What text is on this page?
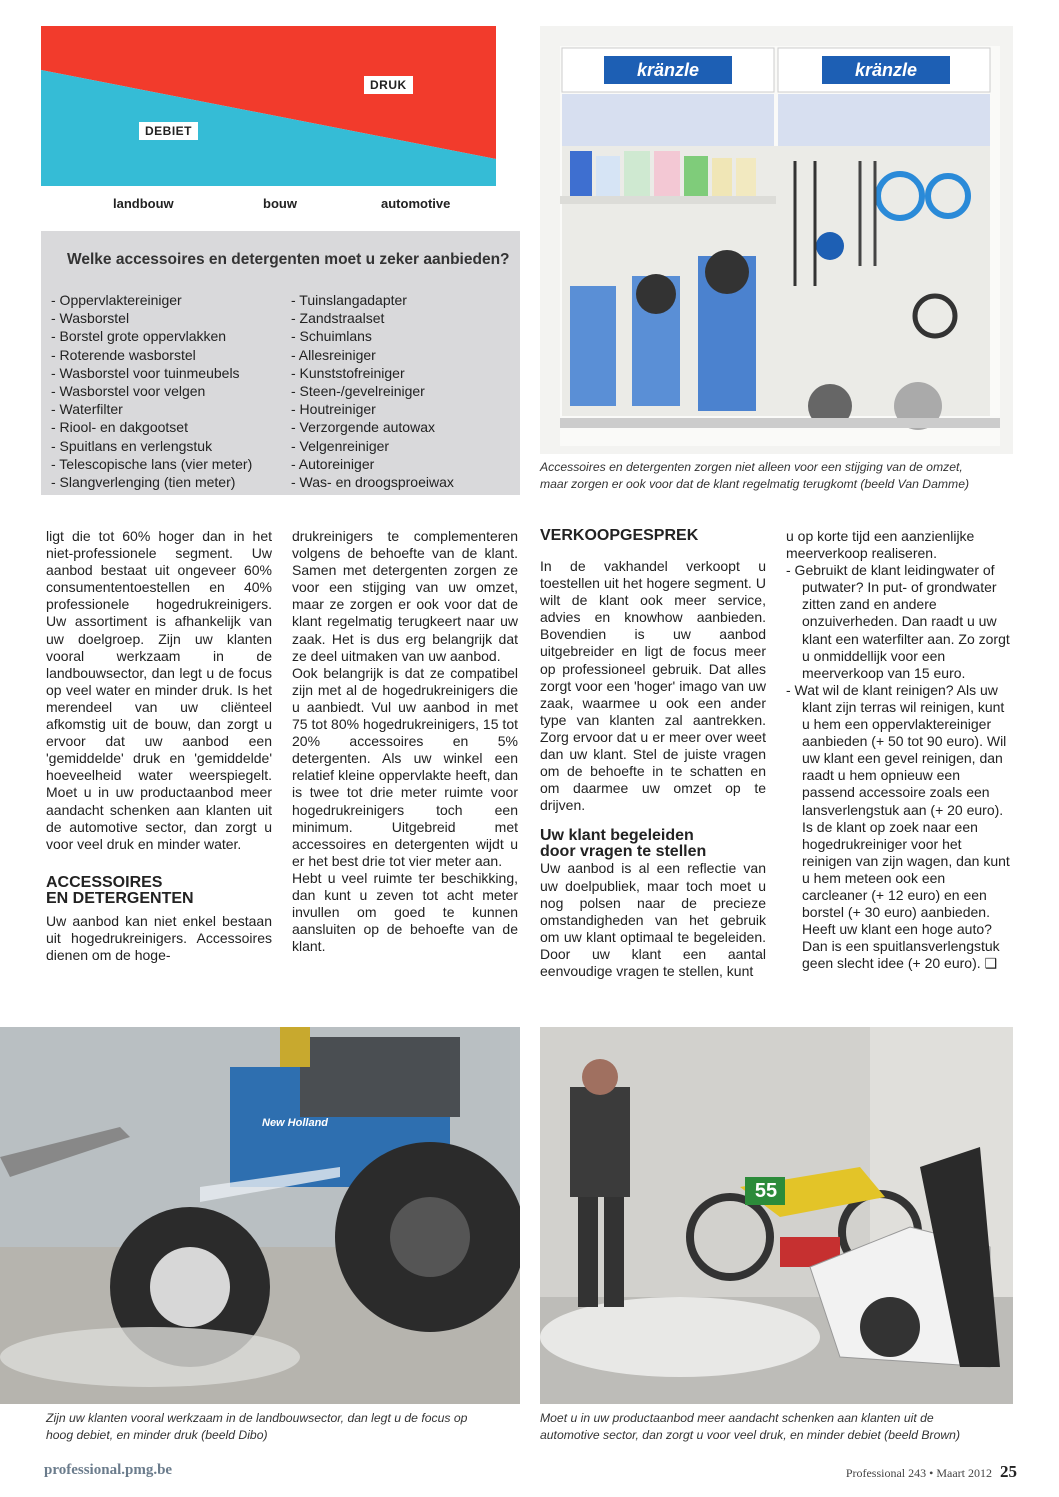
DRUK
DEBIET
landbouw	bouw	automotive
Welke accessoires en detergenten moet u zeker aanbieden?
- Oppervlaktereiniger
- Wasborstel
- Borstel grote oppervlakken
- Roterende wasborstel
- Wasborstel voor tuinmeubels
- Wasborstel voor velgen
- Waterfilter
- Riool- en dakgootset
- Spuitlans en verlengstuk
- Telescopische lans (vier meter)
- Slangverlenging (tien meter)
- Tuinslangadapter
- Zandstraalset
- Schuimlans
- Allesreiniger
- Kunststofreiniger
- Steen-/gevelreiniger
- Houtreiniger
- Verzorgende autowax
- Velgenreiniger
- Autoreiniger
- Was- en droogsproeiwax
kränzle	kränzle
Accessoires en detergenten zorgen niet alleen voor een stijging van de omzet,
maar zorgen er ook voor dat de klant regelmatig terugkomt (beeld Van Damme)

ligt die tot 60% hoger dan in het niet-professionele segment. Uw aanbod bestaat uit ongeveer 60% consumententoestellen en 40% professionele hogedrukreinigers. Uw assortiment is afhankelijk van uw doelgroep. Zijn uw klanten vooral werkzaam in de landbouwsector, dan legt u de focus op veel water en minder druk. Is het merendeel van uw cliënteel afkomstig uit de bouw, dan zorgt u ervoor dat uw aanbod een 'gemiddelde' druk en 'gemiddelde' hoeveelheid water weerspiegelt. Moet u in uw productaanbod meer aandacht schenken aan klanten uit de automotive sector, dan zorgt u voor veel druk en minder water.

ACCESSOIRES

EN DETERGENTEN

Uw aanbod kan niet enkel bestaan uit hogedrukreinigers. Accessoires dienen om de hoge-

drukreinigers te complementeren volgens de behoefte van de klant. Samen met detergenten zorgen ze voor een stijging van uw omzet, maar ze zorgen er ook voor dat de klant regelmatig terugkeert naar uw zaak. Het is dus erg belangrijk dat ze deel uitmaken van uw aanbod.

Ook belangrijk is dat ze compatibel zijn met al de hogedrukreinigers die u aanbiedt. Vul uw aanbod in met 75 tot 80% hogedrukreinigers, 15 tot 20% accessoires en 5% detergenten. Als uw winkel een relatief kleine oppervlakte heeft, dan is twee tot drie meter ruimte voor hogedrukreinigers toch een minimum. Uitgebreid met accessoires en detergenten wijdt u er het best drie tot vier meter aan.

Hebt u veel ruimte ter beschikking, dan kunt u zeven tot acht meter invullen om goed te kunnen aansluiten op de behoefte van de klant.

VERKOOPGESPREK

In de vakhandel verkoopt u toestellen uit het hogere segment. U wilt de klant ook meer service, advies en knowhow aanbieden. Bovendien is uw aanbod uitgebreider en ligt de focus meer op professioneel gebruik. Dat alles zorgt voor een 'hoger' imago van uw zaak, waarmee u ook een ander type van klanten zal aantrekken. Zorg ervoor dat u er meer over weet dan uw klant. Stel de juiste vragen om de behoefte in te schatten en om daarmee uw omzet op te drijven.

Uw klant begeleiden

door vragen te stellen

Uw aanbod is al een reflectie van uw doelpubliek, maar toch moet u nog polsen naar de precieze omstandigheden van het gebruik om uw klant optimaal te begeleiden. Door uw klant een aantal eenvoudige vragen te stellen, kunt

u op korte tijd een aanzienlijke meerverkoop realiseren.

- Gebruikt de klant leidingwater of putwater? In put- of grondwater zitten zand en andere onzuiverheden. Dan raadt u uw klant een waterfilter aan. Zo zorgt u onmiddellijk voor een meerverkoop van 15 euro.

- Wat wil de klant reinigen? Als uw klant zijn terras wil reinigen, kunt u hem een oppervlaktereiniger aanbieden (+ 50 tot 90 euro). Wil uw klant een gevel reinigen, dan raadt u hem opnieuw een passend accessoire zoals een lansverlengstuk aan (+ 20 euro). Is de klant op zoek naar een hogedrukreiniger voor het reinigen van zijn wagen, dan kunt u hem meteen ook een carcleaner (+ 12 euro) en een borstel (+ 30 euro) aanbieden. Heeft uw klant een hoge auto? Dan is een spuitlansverlengstuk geen slecht idee (+ 20 euro). ❑

New Holland
Zijn uw klanten vooral werkzaam in de landbouwsector, dan legt u de focus op
hoog debiet, en minder druk (beeld Dibo)
55
Moet u in uw productaanbod meer aandacht schenken aan klanten uit de
automotive sector, dan zorgt u voor veel druk, en minder debiet (beeld Brown)
professional.pmg.be	Professional 243 • Maart 2012 25
